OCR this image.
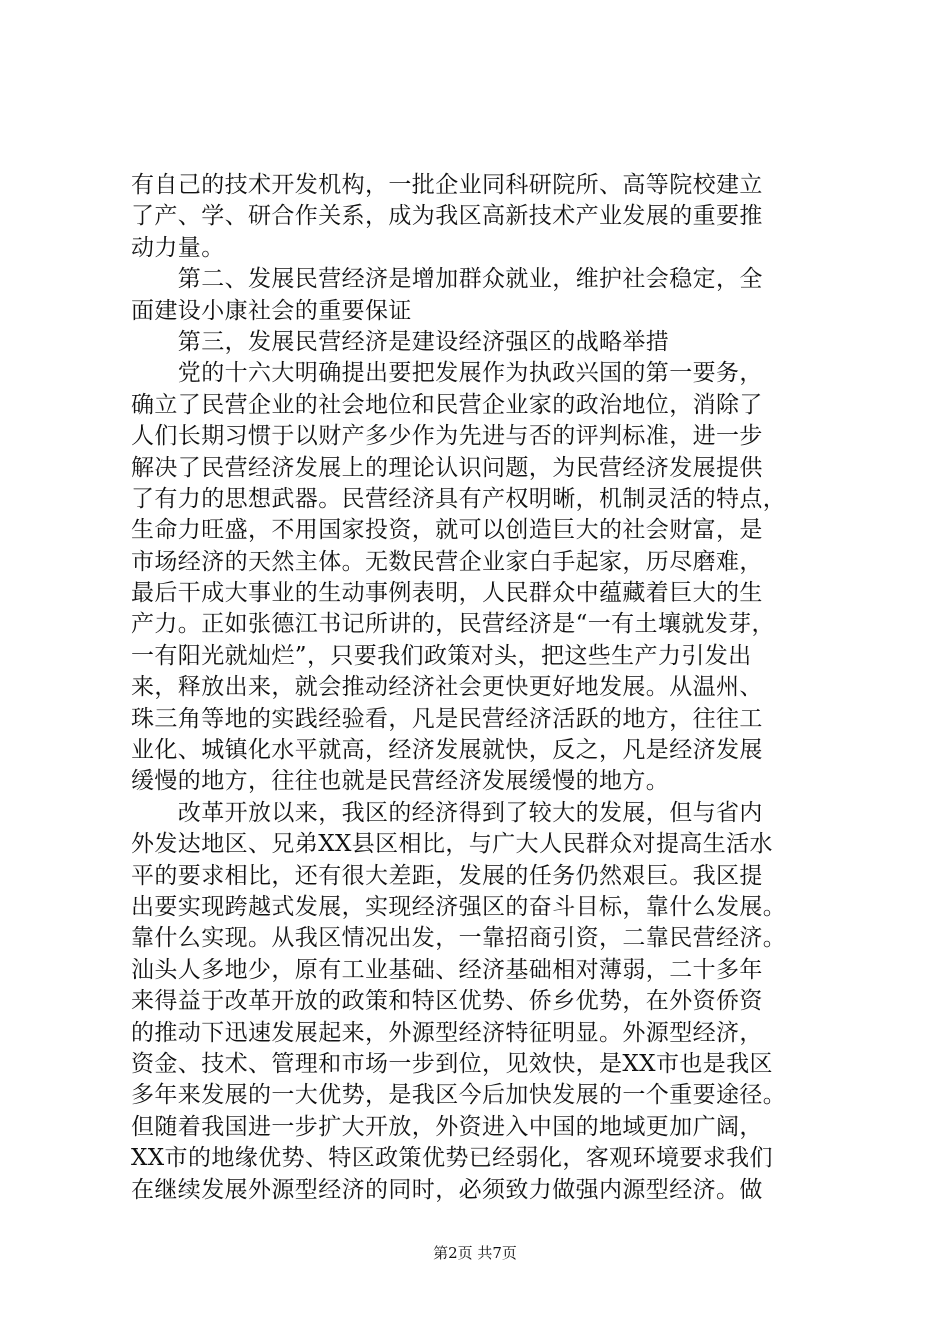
有自己的技术开发机构，一批企业同科研院所、高等院校建立
了产、学、研合作关系，成为我区高新技术产业发展的重要推
动力量。
　　第二、发展民营经济是增加群众就业，维护社会稳定，全
面建设小康社会的重要保证
　　第三，发展民营经济是建设经济强区的战略举措
　　党的十六大明确提出要把发展作为执政兴国的第一要务，
确立了民营企业的社会地位和民营企业家的政治地位，消除了
人们长期习惯于以财产多少作为先进与否的评判标准，进一步
解决了民营经济发展上的理论认识问题，为民营经济发展提供
了有力的思想武器。民营经济具有产权明晰，机制灵活的特点，
生命力旺盛，不用国家投资，就可以创造巨大的社会财富，是
市场经济的天然主体。无数民营企业家白手起家，历尽磨难，
最后干成大事业的生动事例表明，人民群众中蕴藏着巨大的生
产力。正如张德江书记所讲的，民营经济是“一有土壤就发芽，
一有阳光就灿烂”，只要我们政策对头，把这些生产力引发出
来，释放出来，就会推动经济社会更快更好地发展。从温州、
珠三角等地的实践经验看，凡是民营经济活跃的地方，往往工
业化、城镇化水平就高，经济发展就快，反之，凡是经济发展
缓慢的地方，往往也就是民营经济发展缓慢的地方。
　　改革开放以来，我区的经济得到了较大的发展，但与省内
外发达地区、兄弟XX县区相比，与广大人民群众对提高生活水
平的要求相比，还有很大差距，发展的任务仍然艰巨。我区提
出要实现跨越式发展，实现经济强区的奋斗目标，靠什么发展。
靠什么实现。从我区情况出发，一靠招商引资，二靠民营经济。
汕头人多地少，原有工业基础、经济基础相对薄弱，二十多年
来得益于改革开放的政策和特区优势、侨乡优势，在外资侨资
的推动下迅速发展起来，外源型经济特征明显。外源型经济，
资金、技术、管理和市场一步到位，见效快，是XX市也是我区
多年来发展的一大优势，是我区今后加快发展的一个重要途径。
但随着我国进一步扩大开放，外资进入中国的地域更加广阔，
XX市的地缘优势、特区政策优势已经弱化，客观环境要求我们
在继续发展外源型经济的同时，必须致力做强内源型经济。做
第2页 共7页
